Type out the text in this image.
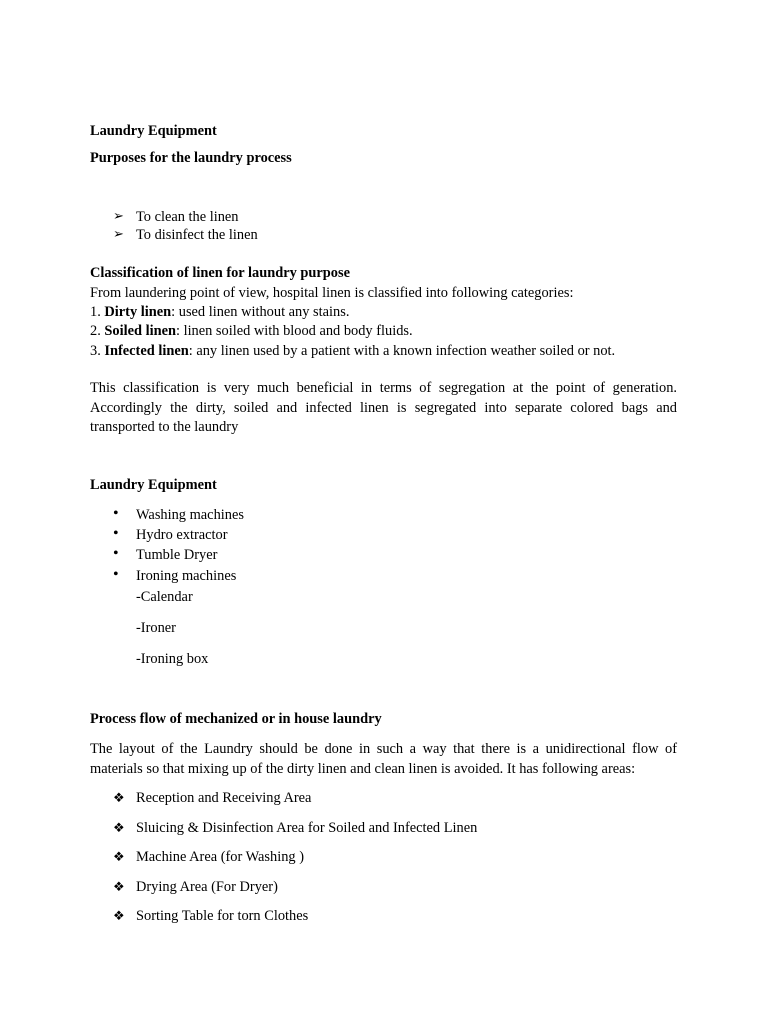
Laundry Equipment
Purposes for the laundry process
➢ To clean the linen
➢ To disinfect the linen
Classification of linen for laundry purpose
From laundering point of view, hospital linen is classified into following categories:
1. Dirty linen: used linen without any stains.
2. Soiled linen: linen soiled with blood and body fluids.
3. Infected linen: any linen used by a patient with a known infection weather soiled or not.
This classification is very much beneficial in terms of segregation at the point of generation. Accordingly the dirty, soiled and infected linen is segregated into separate colored bags and transported to the laundry
Laundry Equipment
• Washing machines
• Hydro extractor
• Tumble Dryer
• Ironing machines
-Calendar
-Ironer
-Ironing box
Process flow of mechanized or in house laundry
The layout of the Laundry should be done in such a way that there is a unidirectional flow of materials so that mixing up of the dirty linen and clean linen is avoided. It has following areas:
❖ Reception and Receiving Area
❖ Sluicing & Disinfection Area for Soiled and Infected Linen
❖ Machine Area (for Washing )
❖ Drying Area (For Dryer)
❖ Sorting Table for torn Clothes
